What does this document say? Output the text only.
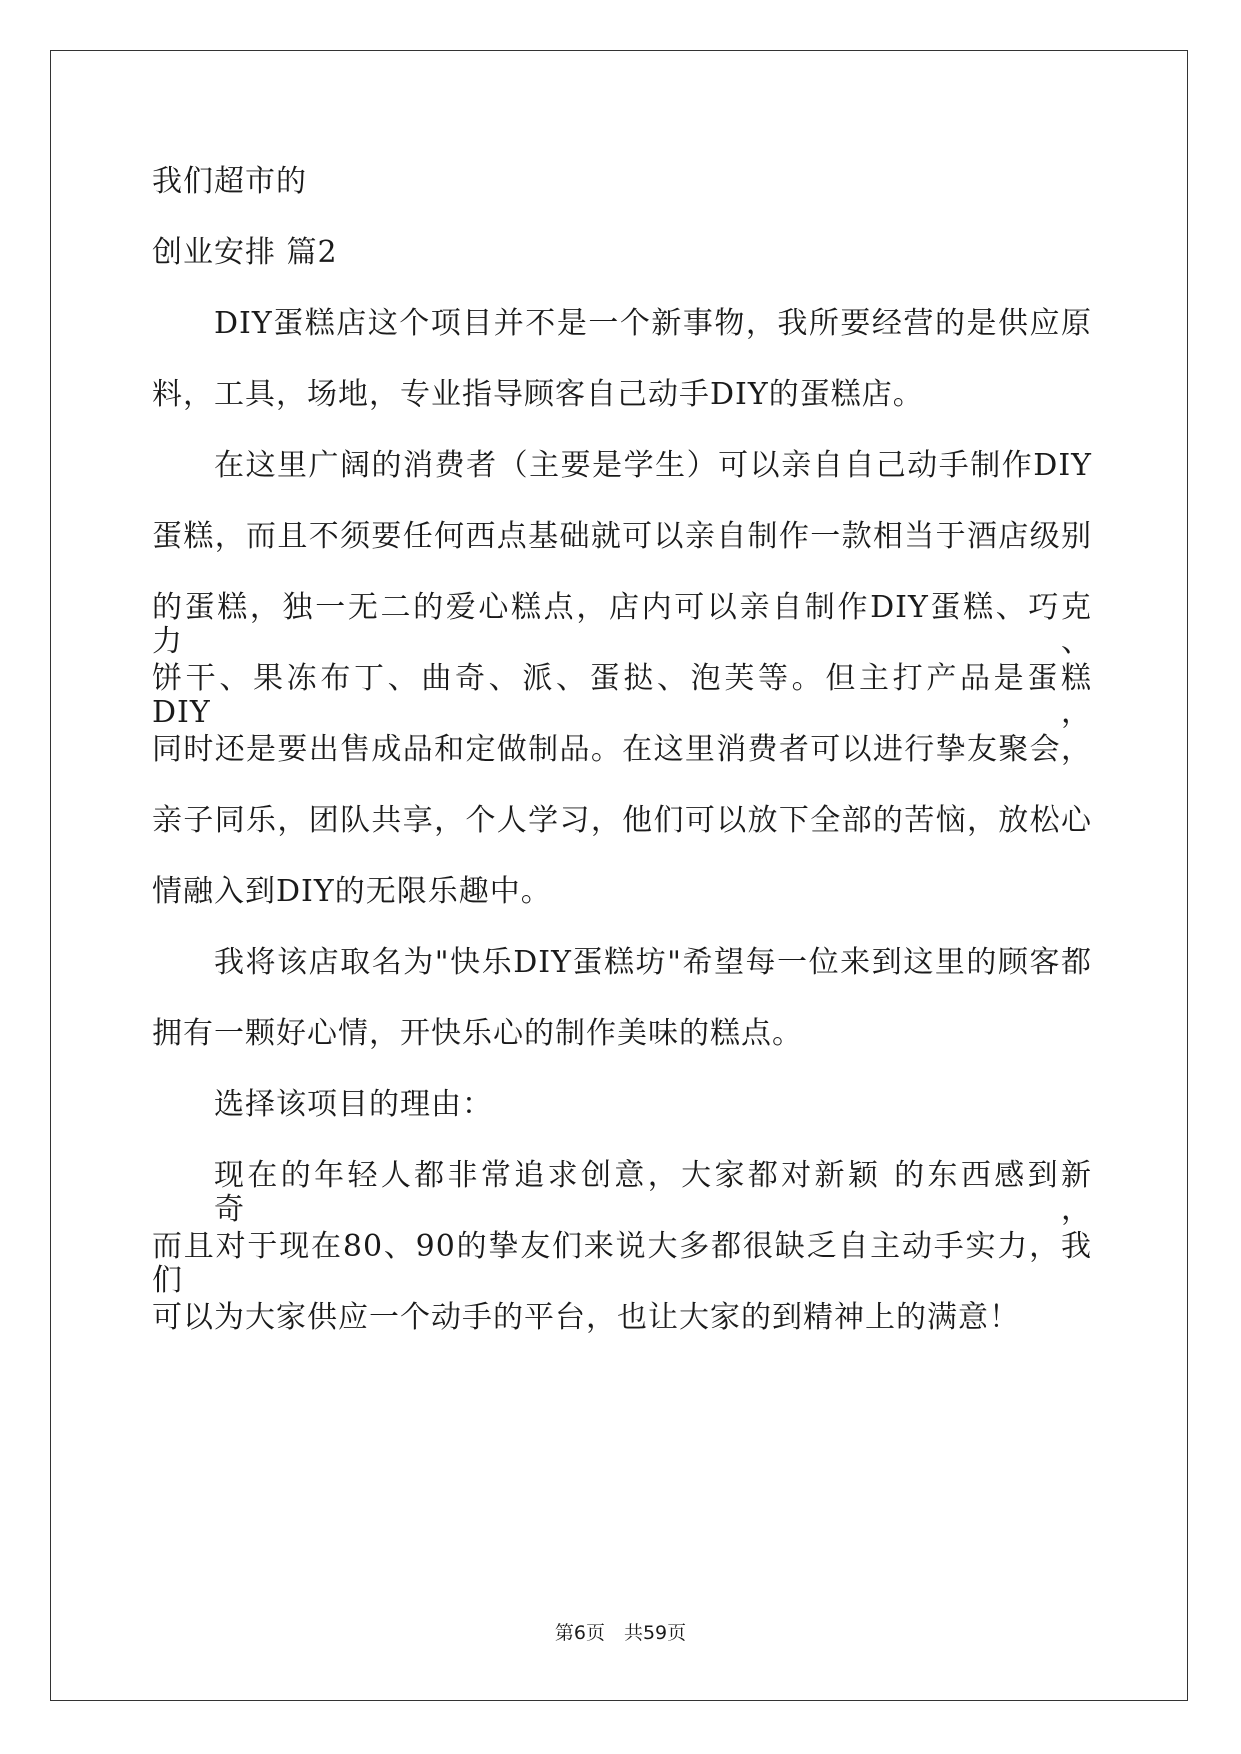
我们超市的
创业安排 篇2
DIY蛋糕店这个项目并不是一个新事物，我所要经营的是供应原
料，工具，场地，专业指导顾客自己动手DIY的蛋糕店。
在这里广阔的消费者（主要是学生）可以亲自自己动手制作DIY
蛋糕，而且不须要任何西点基础就可以亲自制作一款相当于酒店级别
的蛋糕，独一无二的爱心糕点，店内可以亲自制作DIY蛋糕、巧克力、
饼干、果冻布丁、曲奇、派、蛋挞、泡芙等。但主打产品是蛋糕DIY，
同时还是要出售成品和定做制品。在这里消费者可以进行挚友聚会，
亲子同乐，团队共享，个人学习，他们可以放下全部的苦恼，放松心
情融入到DIY的无限乐趣中。
我将该店取名为"快乐DIY蛋糕坊"希望每一位来到这里的顾客都
拥有一颗好心情，开快乐心的制作美味的糕点。
选择该项目的理由：
现在的年轻人都非常追求创意，大家都对新颖 的东西感到新奇，
而且对于现在80、90的挚友们来说大多都很缺乏自主动手实力，我们
可以为大家供应一个动手的平台，也让大家的到精神上的满意！
第6页　共59页
